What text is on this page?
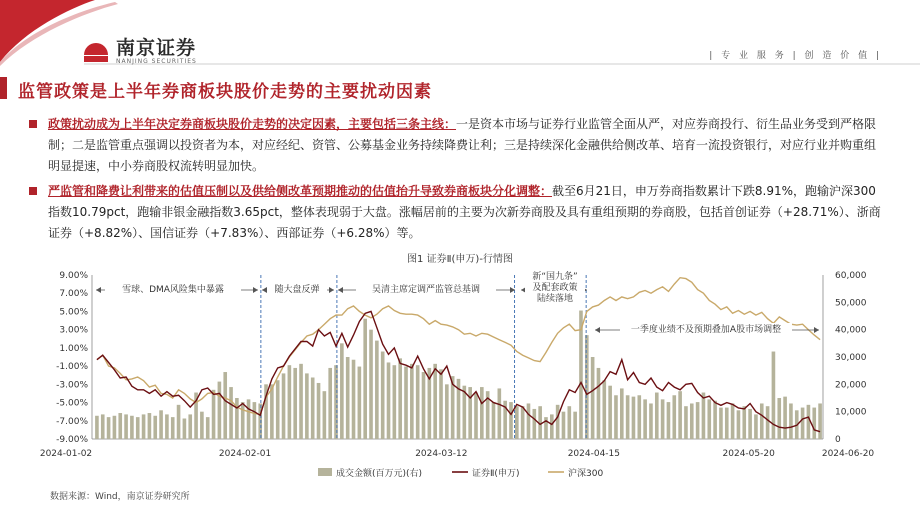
南京证券
NANJING SECURITIES
| 专 业 服 务 | 创 造 价 值 |
监管政策是上半年券商板块股价走势的主要扰动因素
政策扰动成为上半年决定券商板块股价走势的决定因素，主要包括三条主线：一是资本市场与证券行业监管全面从严，对应券商投行、衍生品业务受到严格限制；二是监管重点强调以投资者为本，对应经纪、资管、公募基金业务持续降费让利；三是持续深化金融供给侧改革、培育一流投资银行，对应行业并购重组明显提速，中小券商股权流转明显加快。
严监管和降费让利带来的估值压制以及供给侧改革预期推动的估值抬升导致券商板块分化调整：截至6月21日，申万券商指数累计下跌8.91%，跑输沪深300指数10.79pct，跑输非银金融指数3.65pct，整体表现弱于大盘。涨幅居前的主要为次新券商股及具有重组预期的券商股，包括首创证券（+28.71%）、浙商证券（+8.82%）、国信证券（+7.83%）、西部证券（+6.28%）等。
图1 证券Ⅱ(申万)-行情图
9.00%
7.00%
5.00%
3.00%
1.00%
-1.00%
-3.00%
-5.00%
-7.00%
-9.00%
60,000
50,000
40,000
30,000
20,000
10,000
0
2024-01-02	2024-02-01	2024-03-12	2024-04-15	2024-05-20	2024-06-20
雪球、DMA风险集中暴露	随大盘反弹	吴清主席定调严监管总基调
新“国九条”
及配套政策
陆续落地
一季度业绩不及预期叠加A股市场调整
成交金额(百万元)(右)	证券Ⅱ(申万)	沪深300
数据来源：Wind，南京证券研究所
